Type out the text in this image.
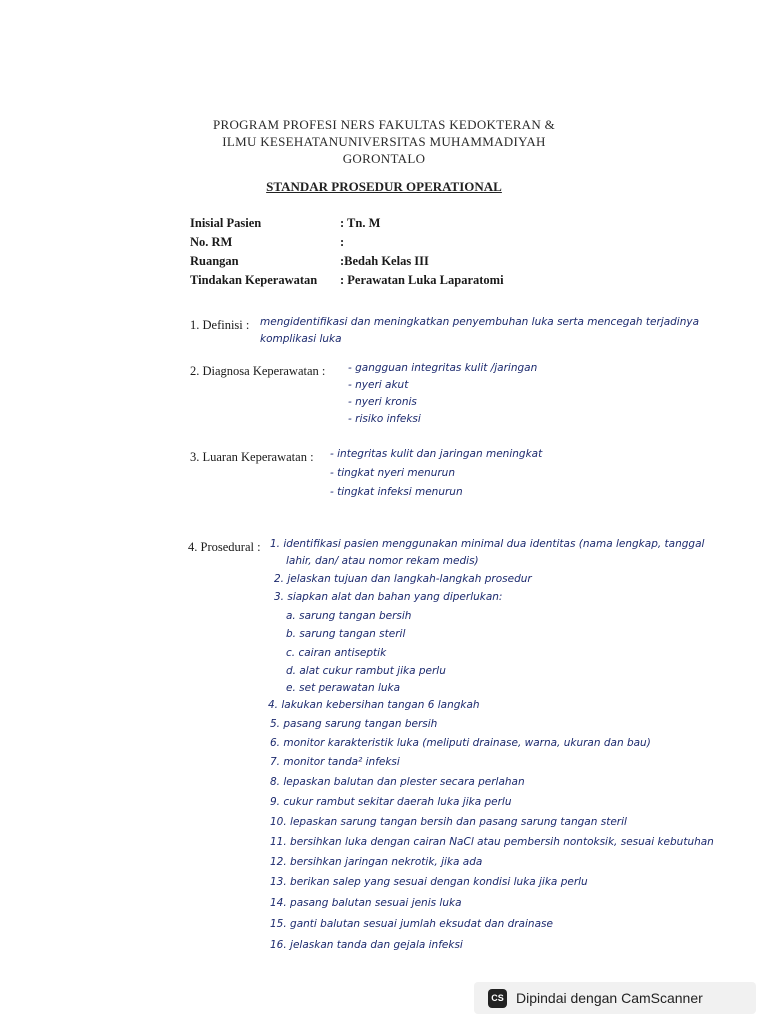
PROGRAM PROFESI NERS FAKULTAS KEDOKTERAN &
ILMU KESEHATANUNIVERSITAS MUHAMMADIYAH
GORONTALO
STANDAR PROSEDUR OPERATIONAL
Inisial Pasien	: Tn. M
No. RM	:
Ruangan	:Bedah Kelas III
Tindakan Keperawatan	: Perawatan Luka Laparatomi
1. Definisi : mengidentifikasi dan meningkatkan penyembuhan luka serta mencegah terjadinya
komplikasi luka
2. Diagnosa Keperawatan : - gangguan integritas kulit /jaringan
- nyeri akut
- nyeri kronis
- risiko infeksi
3. Luaran Keperawatan : - integritas kulit dan jaringan meningkat
- tingkat nyeri menurun
- tingkat infeksi menurun
4. Prosedural : 1. identifikasi pasien menggunakan minimal dua identitas (nama lengkap, tanggal
lahir, dan/ atau nomor rekam medis)
2. jelaskan tujuan dan langkah-langkah prosedur
3. siapkan alat dan bahan yang diperlukan:
a. sarung tangan bersih
b. sarung tangan steril
c. cairan antiseptik
d. alat cukur rambut jika perlu
e. set perawatan luka
4. lakukan kebersihan tangan 6 langkah
5. pasang sarung tangan bersih
6. monitor karakteristik luka (meliputi drainase, warna, ukuran dan bau)
7. monitor tanda² infeksi
8. lepaskan balutan dan plester secara perlahan
9. cukur rambut sekitar daerah luka jika perlu
10. lepaskan sarung tangan bersih dan pasang sarung tangan steril
11. bersihkan luka dengan cairan NaCl atau pembersih nontoksik, sesuai kebutuhan
12. bersihkan jaringan nekrotik, jika ada
13. berikan salep yang sesuai dengan kondisi luka jika perlu
14. pasang balutan sesuai jenis luka
15. ganti balutan sesuai jumlah eksudat dan drainase
16. jelaskan tanda dan gejala infeksi
CS Dipindai dengan CamScanner
